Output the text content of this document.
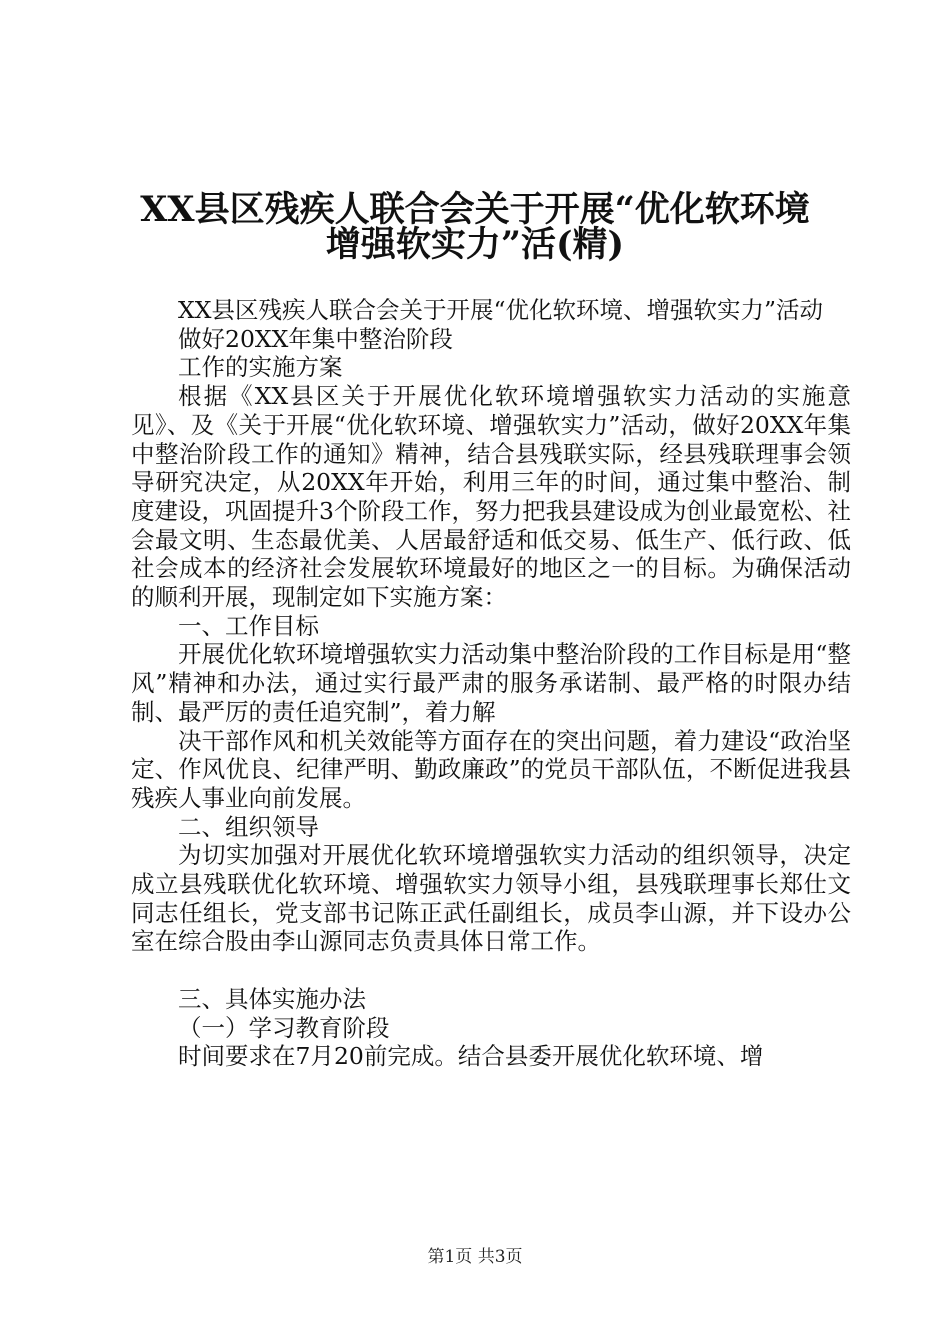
XX县区残疾人联合会关于开展“优化软环境
增强软实力”活(精)

XX县区残疾人联合会关于开展“优化软环境、增强软实力”活动

做好20XX年集中整治阶段

工作的实施方案

根据《XX县区关于开展优化软环境增强软实力活动的实施意见》、及《关于开展“优化软环境、增强软实力”活动，做好20XX年集中整治阶段工作的通知》精神，结合县残联实际，经县残联理事会领导研究决定，从20XX年开始，利用三年的时间，通过集中整治、制度建设，巩固提升3个阶段工作，努力把我县建设成为创业最宽松、社会最文明、生态最优美、人居最舒适和低交易、低生产、低行政、低社会成本的经济社会发展软环境最好的地区之一的目标。为确保活动的顺利开展，现制定如下实施方案：

一、工作目标

开展优化软环境增强软实力活动集中整治阶段的工作目标是用“整风”精神和办法，通过实行最严肃的服务承诺制、最严格的时限办结制、最严厉的责任追究制”，着力解

决干部作风和机关效能等方面存在的突出问题，着力建设“政治坚定、作风优良、纪律严明、勤政廉政”的党员干部队伍，不断促进我县残疾人事业向前发展。

二、组织领导

为切实加强对开展优化软环境增强软实力活动的组织领导，决定成立县残联优化软环境、增强软实力领导小组，县残联理事长郑仕文同志任组长，党支部书记陈正武任副组长，成员李山源，并下设办公室在综合股由李山源同志负责具体日常工作。

三、具体实施办法

（一）学习教育阶段

时间要求在7月20前完成。结合县委开展优化软环境、增

第1页 共3页
